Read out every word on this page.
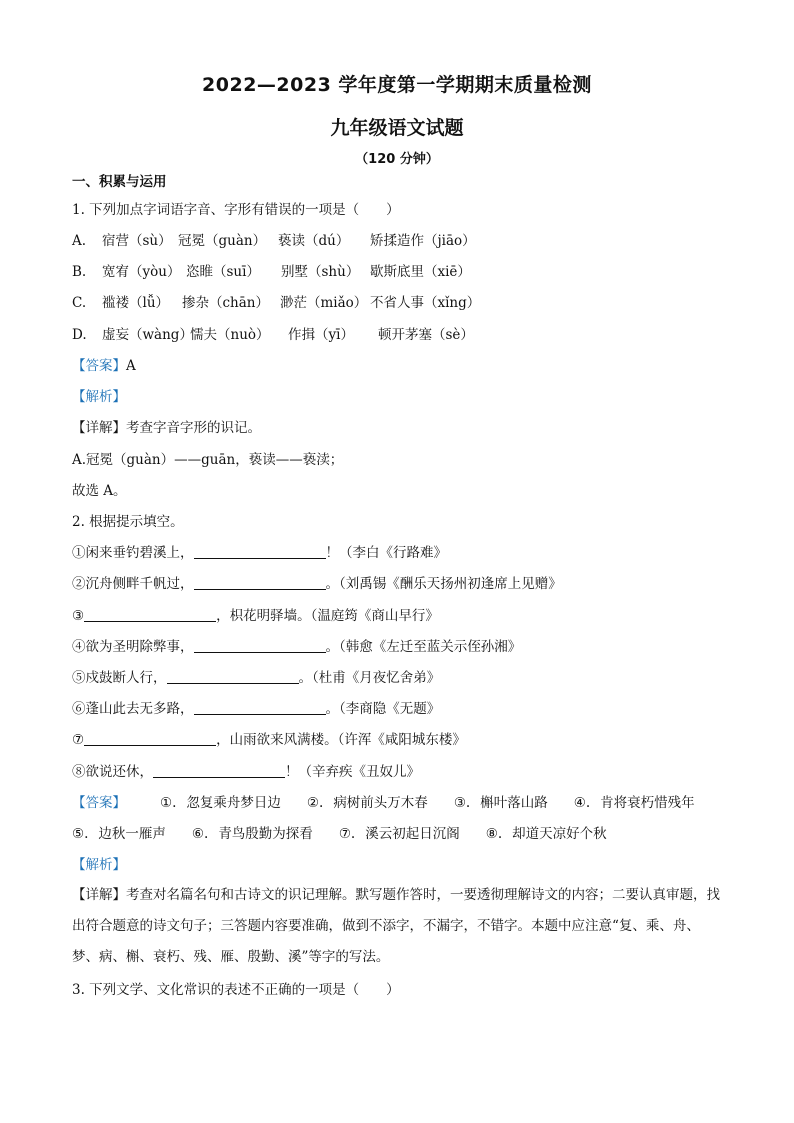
2022—2023 学年度第一学期期末质量检测
九年级语文试题
（120 分钟）
一、积累与运用
1. 下列加点字词语字音、字形有错误的一项是（　　）
A. 宿营（sù） 冠冕（guàn） 亵读（dú） 矫揉造作（jiāo）
B. 宽宥（yòu） 恣睢（suī） 别墅（shù） 歇斯底里（xiē）
C. 褴褛（lǚ） 掺杂（chān） 渺茫（miǎo） 不省人事（xǐng）
D. 虚妄（wàng）懦夫（nuò） 作揖（yī） 顿开茅塞（sè）
【答案】A
【解析】
【详解】考查字音字形的识记。
A.冠冕（guàn）——guān，亵读——亵渎；
故选 A。
2. 根据提示填空。
①闲来垂钓碧溪上，	！（李白《行路难》
②沉舟侧畔千帆过，	。（刘禹锡《酬乐天扬州初逢席上见赠》
③	，枳花明驿墙。（温庭筠《商山早行》
④欲为圣明除弊事，	。（韩愈《左迁至蓝关示侄孙湘》
⑤戍鼓断人行，	。（杜甫《月夜忆舍弟》
⑥蓬山此去无多路，	。（李商隐《无题》
⑦	，山雨欲来风满楼。（许浑《咸阳城东楼》
⑧欲说还休，	！（辛弃疾《丑奴儿》
【答案】	①. 忽复乘舟梦日边 ②. 病树前头万木春 ③. 槲叶落山路 ④. 肯将衰朽惜残年
⑤. 边秋一雁声 ⑥. 青鸟殷勤为探看 ⑦. 溪云初起日沉阁 ⑧. 却道天凉好个秋
【解析】
【详解】考查对名篇名句和古诗文的识记理解。默写题作答时，一要透彻理解诗文的内容；二要认真审题，找出符合题意的诗文句子；三答题内容要准确，做到不添字，不漏字，不错字。本题中应注意“复、乘、舟、梦、病、槲、衰朽、残、雁、殷勤、溪”等字的写法。
3. 下列文学、文化常识的表述不正确的一项是（　　）
